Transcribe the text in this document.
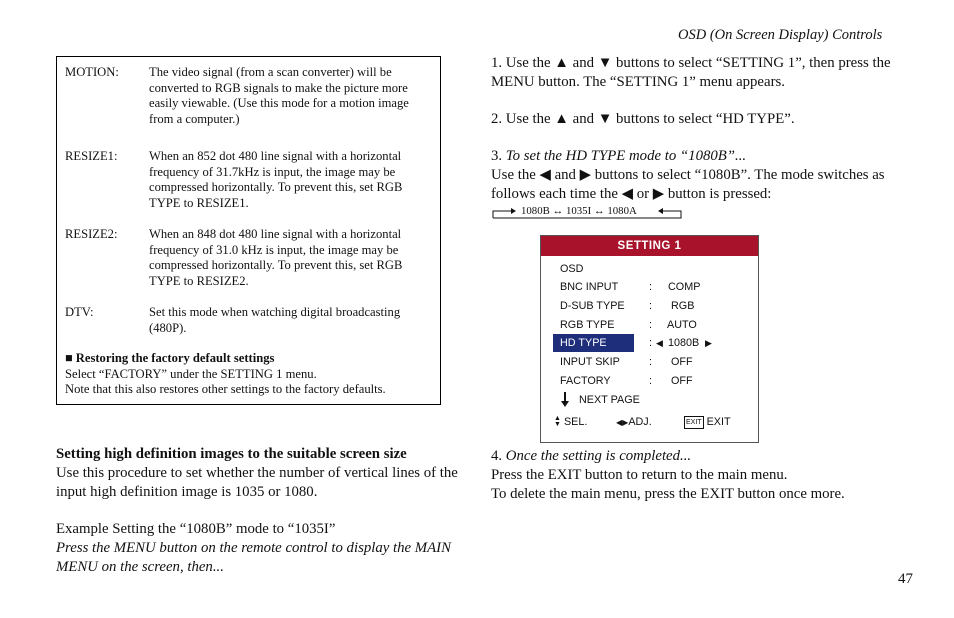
OSD (On Screen Display) Controls
MOTION: The video signal (from a scan converter) will be converted to RGB signals to make the picture more easily viewable. (Use this mode for a motion image from a computer.)
RESIZE1:	When an 852 dot 480 line signal with a horizontal frequency of 31.7kHz is input, the image may be compressed horizontally. To prevent this, set RGB TYPE to RESIZE1.
RESIZE2:	When an 848 dot 480 line signal with a horizontal frequency of 31.0 kHz is input, the image may be compressed horizontally. To prevent this, set RGB TYPE to RESIZE2.
DTV:	Set this mode when watching digital broadcasting (480P).
■ Restoring the factory default settings
Select “FACTORY” under the SETTING 1 menu.
Note that this also restores other settings to the factory defaults.
Setting high definition images to the suitable screen size
Use this procedure to set whether the number of vertical lines of the input high definition image is 1035 or 1080.
Example Setting the “1080B” mode to “1035I”
Press the MENU button on the remote control to display the MAIN MENU on the screen, then...
1. Use the ▲ and ▼ buttons to select “SETTING 1”, then press the MENU button. The “SETTING 1” menu appears.
2. Use the ▲ and ▼ buttons to select “HD TYPE”.
3. To set the HD TYPE mode to “1080B”...
Use the ◀ and ▶ buttons to select “1080B”. The mode switches as follows each time the ◀ or ▶ button is pressed:
1080B ↔ 1035I ↔ 1080A
SETTING 1
OSD
BNC INPUT	: COMP
D-SUB TYPE : RGB
RGB TYPE	: AUTO
HD TYPE	: ◀ 1080B ▶
INPUT SKIP	: OFF
FACTORY	: OFF
NEXT PAGE
▲
▼ SEL.	◀▶ADJ.	EXIT EXIT
4. Once the setting is completed...
Press the EXIT button to return to the main menu.
To delete the main menu, press the EXIT button once more.
47
